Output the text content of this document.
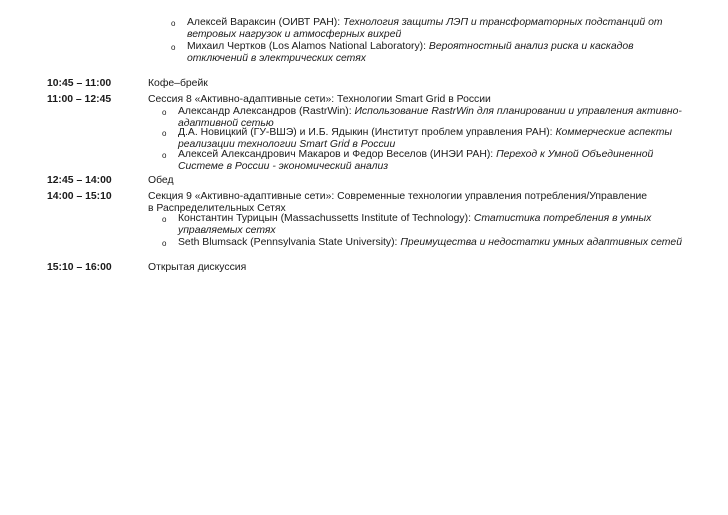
o	Алексей Вараксин (ОИВТ РАН): Технология защиты ЛЭП и трансформаторных подстанций от ветровых нагрузок и атмосферных вихрей
o	Михаил Чертков (Los Alamos National Laboratory): Вероятностный анализ риска и каскадов отключений в электрических сетях
10:45 – 11:00	Кофе–брейк
11:00 – 12:45	Сессия 8 «Активно-адаптивные сети»: Технологии Smart Grid в России
o	Александр Александров (RastrWin): Использование RastrWin для планировании и управления активно-адаптивной сетью
o	Д.А. Новицкий (ГУ-ВШЭ) и И.Б. Ядыкин (Институт проблем управления РАН): Коммерческие аспекты реализации технологии Smart Grid в России
o	Алексей Александрович Макаров и Федор Веселов (ИНЭИ РАН): Переход к Умной Объединенной Системе в России - экономический анализ
12:45 – 14:00	Обед
14:00 – 15:10	Секция 9 «Активно-адаптивные сети»: Современные технологии управления потребления/Управление в Распределительных Сетях
o	Константин Турицын (Massachussetts Institute of Technology): Статистика потребления в умных управляемых сетях
o	Seth Blumsack (Pennsylvania State University): Преимущества и недостатки умных адаптивных сетей
15:10 – 16:00	Открытая дискуссия
